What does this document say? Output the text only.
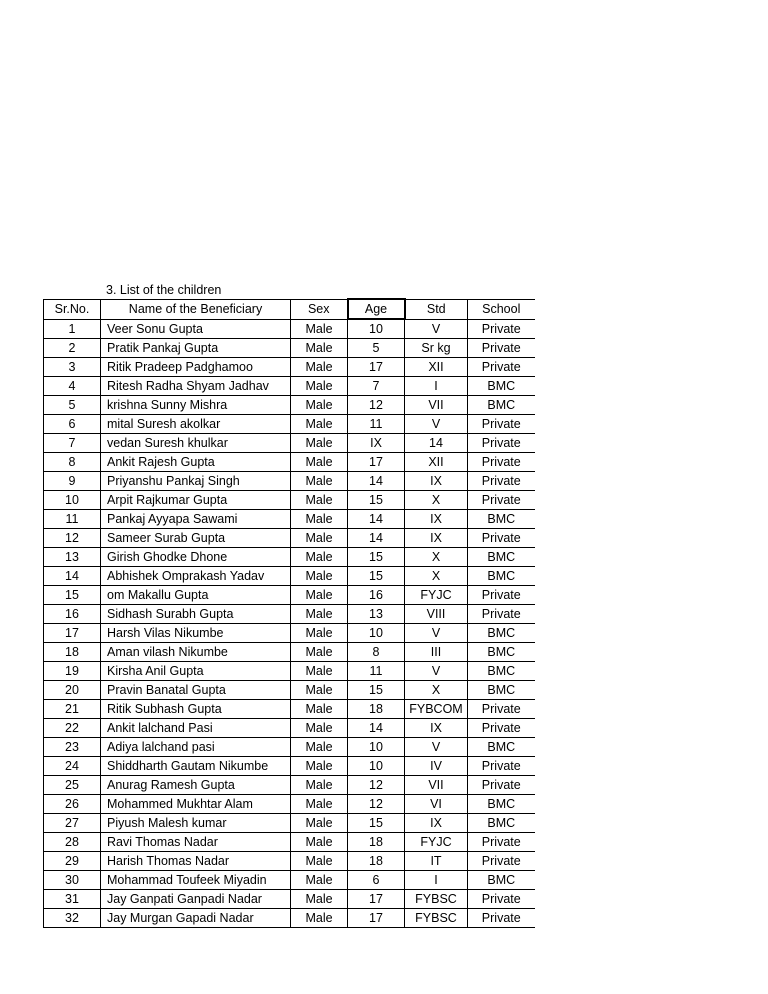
3. List of the children
Sr.No.	Name of the Beneficiary	Sex	Age	Std	School
1	Veer Sonu Gupta	Male	10	V	Private
2	Pratik Pankaj Gupta	Male	5	Sr kg	Private
3	Ritik Pradeep Padghamoo	Male	17	XII	Private
4	Ritesh Radha Shyam Jadhav	Male	7	I	BMC
5	krishna Sunny Mishra	Male	12	VII	BMC
6	mital Suresh akolkar	Male	11	V	Private
7	vedan Suresh khulkar	Male	IX	14	Private
8	Ankit Rajesh Gupta	Male	17	XII	Private
9	Priyanshu Pankaj Singh	Male	14	IX	Private
10	Arpit Rajkumar Gupta	Male	15	X	Private
11	Pankaj Ayyapa Sawami	Male	14	IX	BMC
12	Sameer Surab Gupta	Male	14	IX	Private
13	Girish Ghodke Dhone	Male	15	X	BMC
14	Abhishek Omprakash Yadav	Male	15	X	BMC
15	om Makallu Gupta	Male	16	FYJC	Private
16	Sidhash Surabh Gupta	Male	13	VIII	Private
17	Harsh Vilas Nikumbe	Male	10	V	BMC
18	Aman vilash Nikumbe	Male	8	III	BMC
19	Kirsha Anil Gupta	Male	11	V	BMC
20	Pravin Banatal Gupta	Male	15	X	BMC
21	Ritik Subhash Gupta	Male	18	FYBCOM	Private
22	Ankit lalchand Pasi	Male	14	IX	Private
23	Adiya lalchand pasi	Male	10	V	BMC
24	Shiddharth Gautam Nikumbe	Male	10	IV	Private
25	Anurag Ramesh Gupta	Male	12	VII	Private
26	Mohammed Mukhtar Alam	Male	12	VI	BMC
27	Piyush Malesh kumar	Male	15	IX	BMC
28	Ravi Thomas Nadar	Male	18	FYJC	Private
29	Harish Thomas Nadar	Male	18	IT	Private
30	Mohammad Toufeek Miyadin	Male	6	I	BMC
31	Jay Ganpati Ganpadi Nadar	Male	17	FYBSC	Private
32	Jay Murgan Gapadi Nadar	Male	17	FYBSC	Private
